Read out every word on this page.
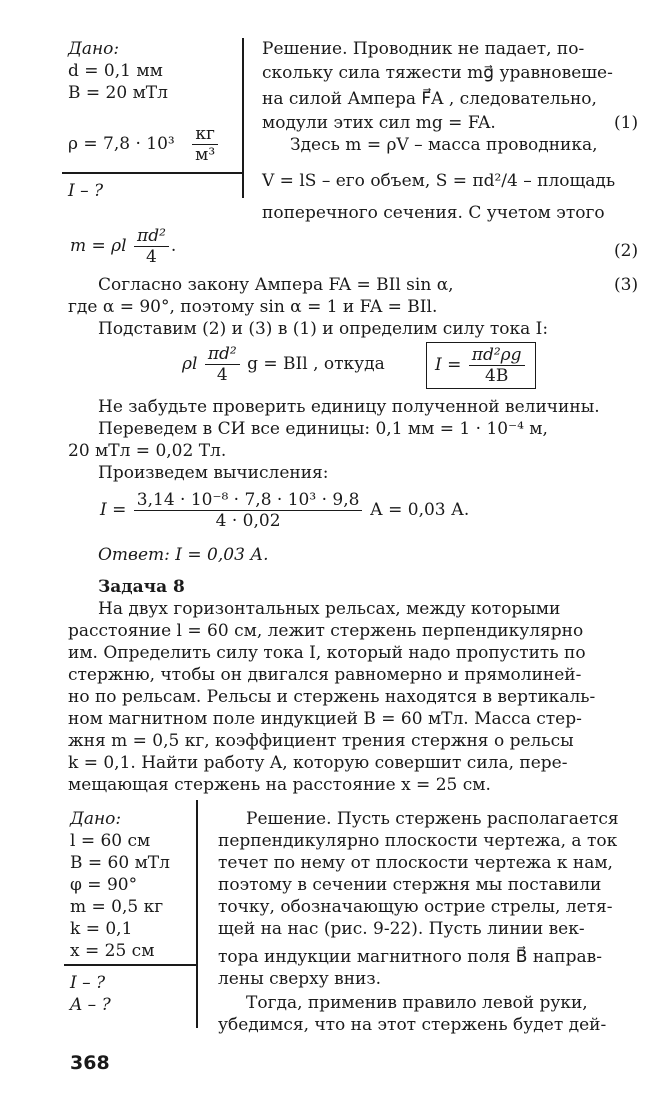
Дано:
d = 0,1 мм
B = 20 мТл
$\rho = 7,8 \cdot 10^3 \frac{кг}{\text{м³}}$
I – ?
Решение. Проводник не падает, по-
скольку сила тяжести mg⃗ уравновеше-
на силой Ампера F⃗A , следовательно,
модули этих сил mg = FA.	(1)
Здесь m = ρV – масса проводника,
V = lS – его объем, S = πd²/4 – площадь
поперечного сечения. С учетом этого
m = ρl $\frac{\text{πd²}}{4}$ .	(2)
Согласно закону Ампера FA = BIl sin α,	(3)
где α = 90°, поэтому sin α = 1 и FA = BIl.
Подставим (2) и (3) в (1) и определим силу тока I:
ρl $\frac{\text{πd²}}{4}$ g = BIl , откуда	$I = \frac{\text{πd²ρg}}{4B}$
Не забудьте проверить единицу полученной величины.
Переведем в СИ все единицы: 0,1 мм = 1 · 10⁻⁴ м,
20 мТл = 0,02 Тл.
Произведем вычисления:
$I = \frac{\text{3,14 · 10⁻⁸ · 7,8 · 10³ · 9,8}}{4 \cdot 0,02}$ А = 0,03 А.
Ответ: I = 0,03 А.
Задача 8
На двух горизонтальных рельсах, между которыми
расстояние l = 60 см, лежит стержень перпендикулярно
им. Определить силу тока I, который надо пропустить по
стержню, чтобы он двигался равномерно и прямолиней-
но по рельсам. Рельсы и стержень находятся в вертикаль-
ном магнитном поле индукцией B = 60 мТл. Масса стер-
жня m = 0,5 кг, коэффициент трения стержня о рельсы
k = 0,1. Найти работу A, которую совершит сила, пере-
мещающая стержень на расстояние x = 25 см.
Дано:
l = 60 см
B = 60 мТл
φ = 90°
m = 0,5 кг
k = 0,1
x = 25 см
I – ?
A – ?
Решение. Пусть стержень располагается
перпендикулярно плоскости чертежа, а ток
течет по нему от плоскости чертежа к нам,
поэтому в сечении стержня мы поставили
точку, обозначающую острие стрелы, летя-
щей на нас (рис. 9-22). Пусть линии век-
тора индукции магнитного поля B⃗ направ-
лены сверху вниз.
Тогда, применив правило левой руки,
убедимся, что на этот стержень будет дей-
368
